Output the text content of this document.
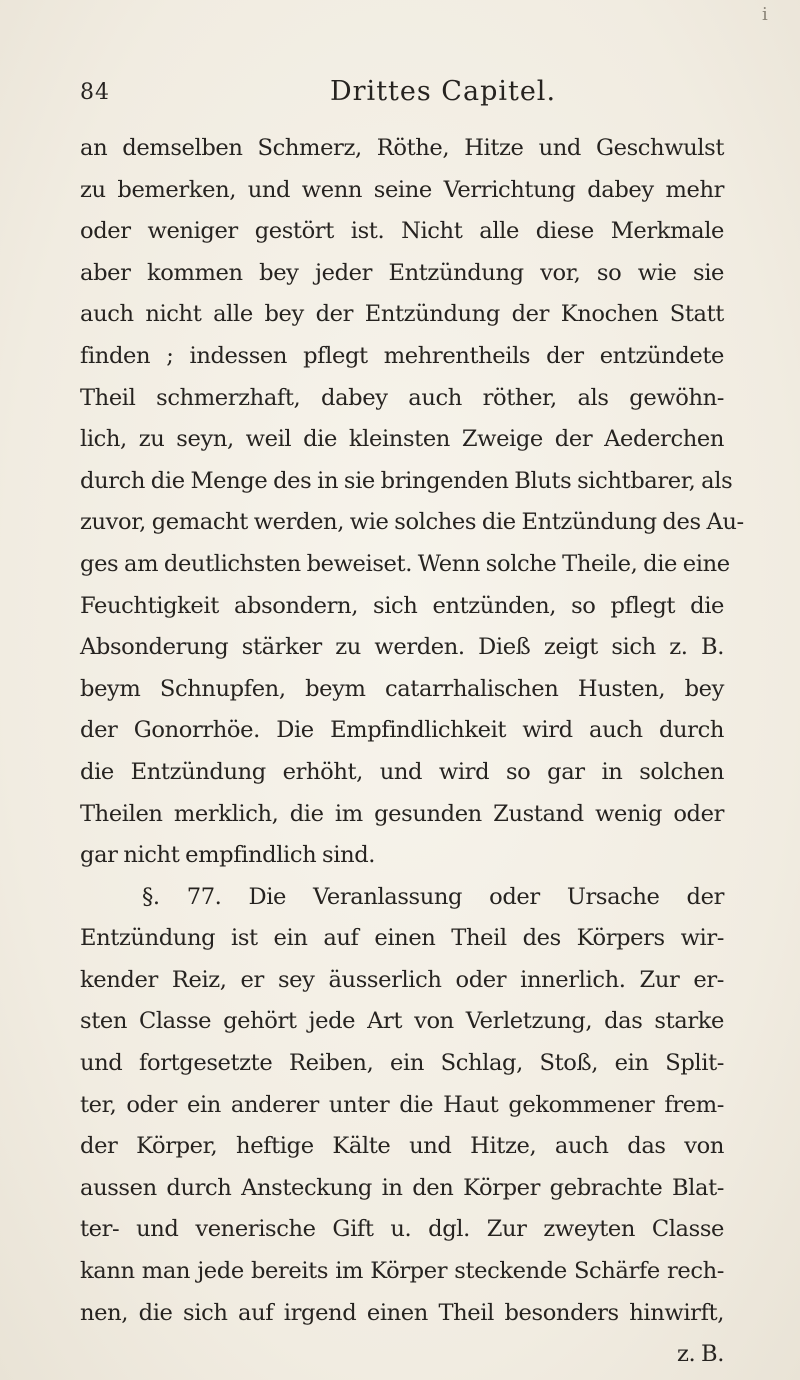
84	Drittes Capitel.
i
an demselben Schmerz, Röthe, Hitze und Geschwulst
zu bemerken, und wenn seine Verrichtung dabey mehr
oder weniger gestört ist. Nicht alle diese Merkmale
aber kommen bey jeder Entzündung vor, so wie sie
auch nicht alle bey der Entzündung der Knochen Statt
finden ; indessen pflegt mehrentheils der entzündete
Theil schmerzhaft, dabey auch röther, als gewöhn-
lich, zu seyn, weil die kleinsten Zweige der Aederchen
durch die Menge des in sie bringenden Bluts sichtbarer, als
zuvor, gemacht werden, wie solches die Entzündung des Au-
ges am deutlichsten beweiset. Wenn solche Theile, die eine
Feuchtigkeit absondern, sich entzünden, so pflegt die
Absonderung stärker zu werden. Dieß zeigt sich z. B.
beym Schnupfen, beym catarrhalischen Husten, bey
der Gonorrhöe. Die Empfindlichkeit wird auch durch
die Entzündung erhöht, und wird so gar in solchen
Theilen merklich, die im gesunden Zustand wenig oder
gar nicht empfindlich sind.
§. 77. Die Veranlassung oder Ursache der
Entzündung ist ein auf einen Theil des Körpers wir-
kender Reiz, er sey äusserlich oder innerlich. Zur er-
sten Classe gehört jede Art von Verletzung, das starke
und fortgesetzte Reiben, ein Schlag, Stoß, ein Split-
ter, oder ein anderer unter die Haut gekommener frem-
der Körper, heftige Kälte und Hitze, auch das von
aussen durch Ansteckung in den Körper gebrachte Blat-
ter- und venerische Gift u. dgl. Zur zweyten Classe
kann man jede bereits im Körper steckende Schärfe rech-
nen, die sich auf irgend einen Theil besonders hinwirft,
z. B.
